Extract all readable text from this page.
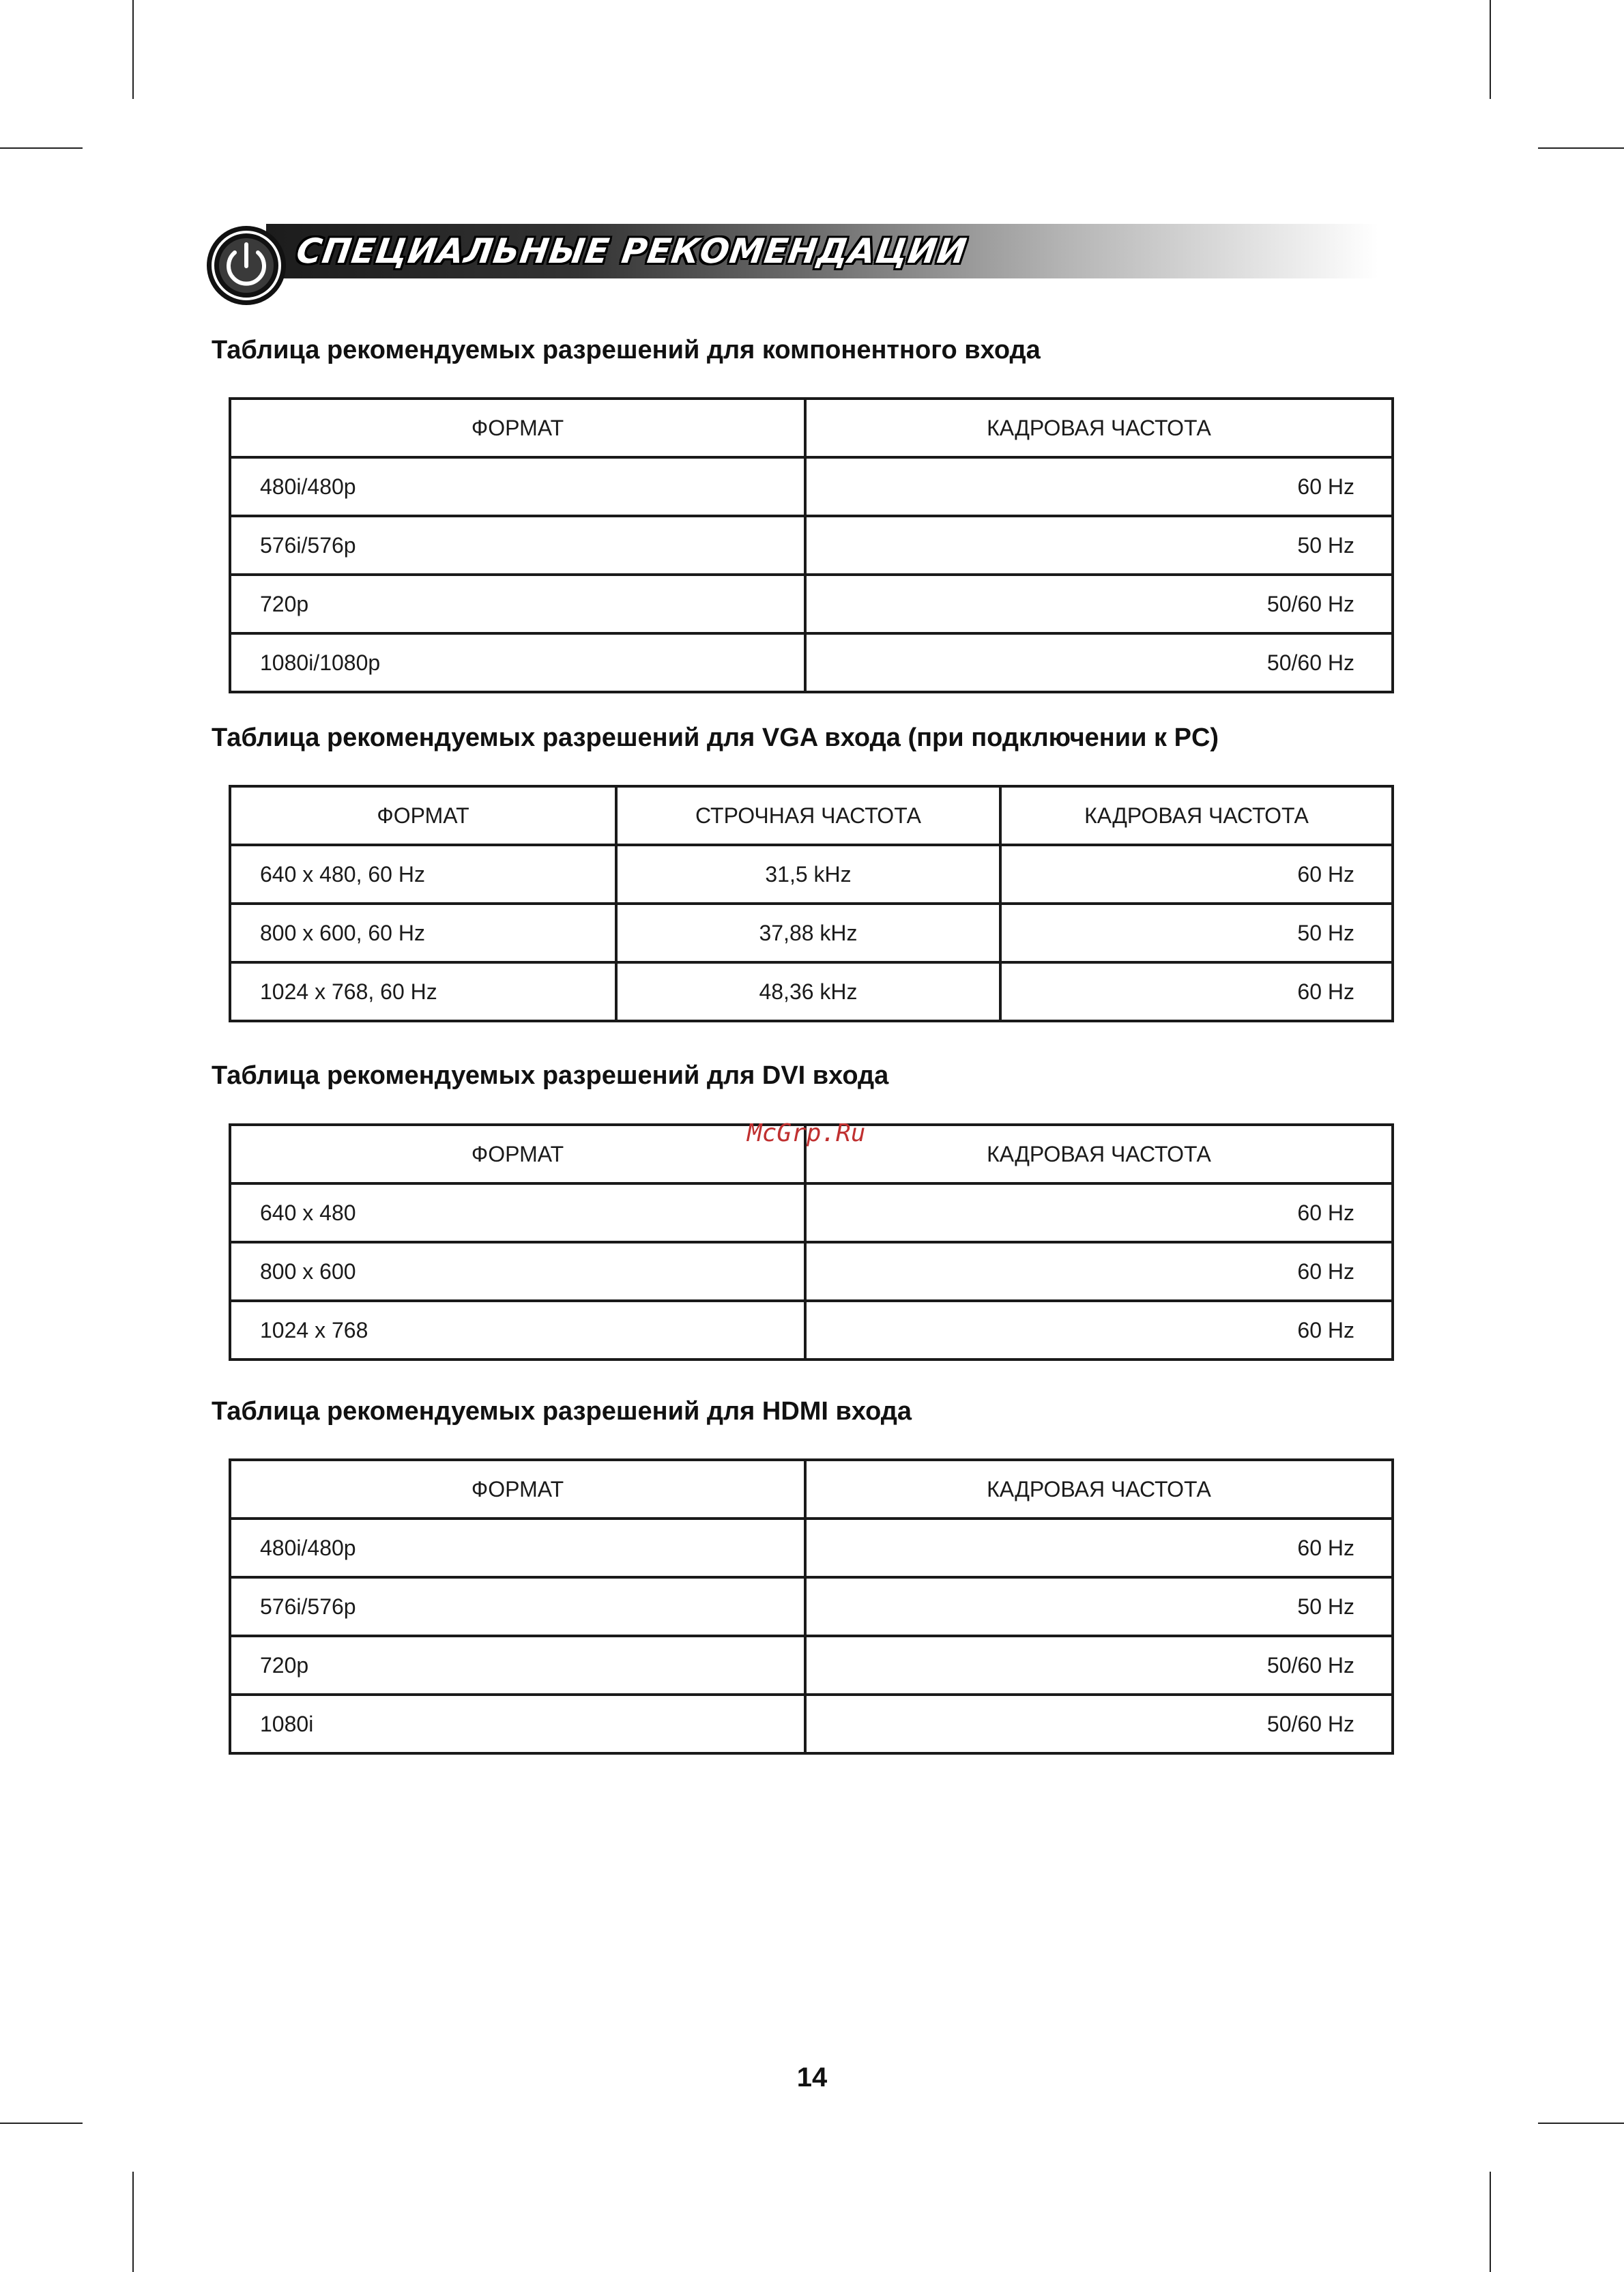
СПЕЦИАЛЬНЫЕ РЕКОМЕНДАЦИИ
Таблица рекомендуемых разрешений для компонентного входа
ФОРМАТ	КАДРОВАЯ ЧАСТОТА
480i/480p	60 Hz
576i/576p	50 Hz
720p	50/60 Hz
1080i/1080p	50/60 Hz
Таблица рекомендуемых разрешений для VGA входа (при подключении к PC)
ФОРМАТ	СТРОЧНАЯ ЧАСТОТА	КАДРОВАЯ ЧАСТОТА
640 x 480, 60 Hz	31,5 kHz	60 Hz
800 x 600, 60 Hz	37,88 kHz	50 Hz
1024 x 768, 60 Hz	48,36 kHz	60 Hz
Таблица рекомендуемых разрешений для DVI входа
ФОРМАТ	КАДРОВАЯ ЧАСТОТА
640 x 480	60 Hz
800 x 600	60 Hz
1024 x 768	60 Hz
Таблица рекомендуемых разрешений для HDMI входа
ФОРМАТ	КАДРОВАЯ ЧАСТОТА
480i/480p	60 Hz
576i/576p	50 Hz
720p	50/60 Hz
1080i	50/60 Hz
McGrp.Ru
14
